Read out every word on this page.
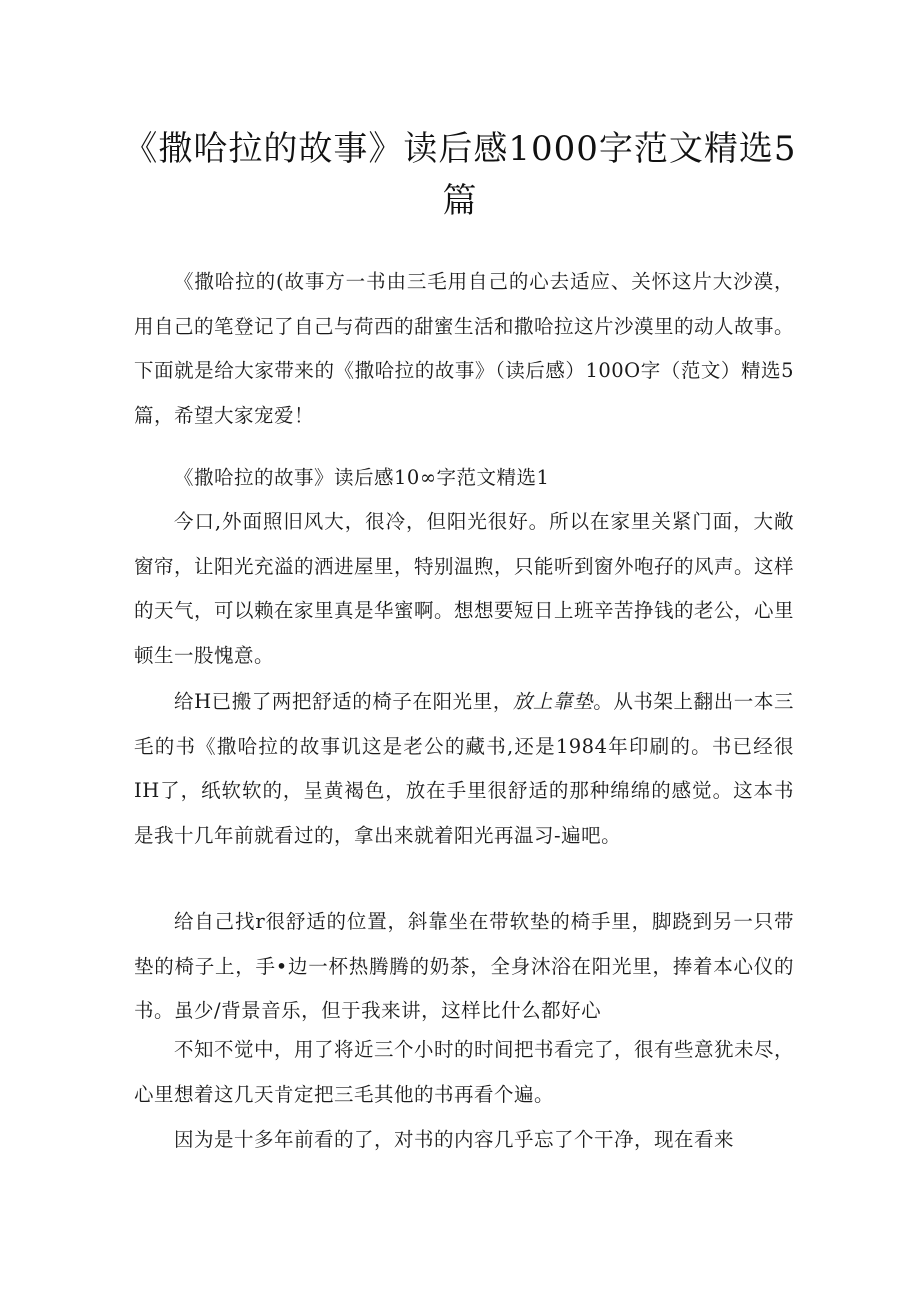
《撒哈拉的故事》读后感1000字范文精选5
篇
《撒哈拉的(故事方一书由三毛用自己的心去适应、关怀这片大沙漠，用自己的笔登记了自己与荷西的甜蜜生活和撒哈拉这片沙漠里的动人故事。下面就是给大家带来的《撒哈拉的故事》（读后感）100O字（范文）精选5篇，希望大家宠爱！
《撒哈拉的故事》读后感10∞字范文精选1
今口,外面照旧风大，很冷，但阳光很好。所以在家里关紧门面，大敞窗帘，让阳光充溢的洒进屋里，特别温煦，只能听到窗外咆孖的风声。这样的天气，可以赖在家里真是华蜜啊。想想要短日上班辛苦挣钱的老公，心里顿生一股愧意。
给H已搬了两把舒适的椅子在阳光里，放上靠垫。从书架上翻出一本三毛的书《撒哈拉的故事讥这是老公的藏书,还是1984年印刷的。书已经很IH了，纸软软的，呈黄褐色，放在手里很舒适的那种绵绵的感觉。这本书是我十几年前就看过的，拿出来就着阳光再温习-遍吧。
给自己找r很舒适的位置，斜靠坐在带软垫的椅手里，脚跷到另一只带垫的椅子上，手•边一杯热腾腾的奶茶，全身沐浴在阳光里，捧着本心仪的书。虽少/背景音乐，但于我来讲，这样比什么都好心
不知不觉中，用了将近三个小时的时间把书看完了，很有些意犹未尽，心里想着这几天肯定把三毛其他的书再看个遍。
因为是十多年前看的了，对书的内容几乎忘了个干净，现在看来
